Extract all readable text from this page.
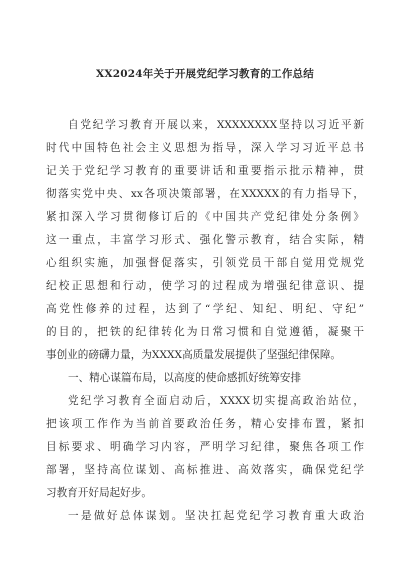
XX2024年关于开展党纪学习教育的工作总结
自党纪学习教育开展以来，XXXXXXXX坚持以习近平新
时代中国特色社会主义思想为指导，深入学习习近平总书
记关于党纪学习教育的重要讲话和重要指示批示精神，贯
彻落实党中央、xx各项决策部署，在XXXXX的有力指导下，
紧扣深入学习贯彻修订后的《中国共产党纪律处分条例》
这一重点，丰富学习形式、强化警示教育，结合实际，精
心组织实施，加强督促落实，引领党员干部自觉用党规党
纪校正思想和行动，使学习的过程成为增强纪律意识、提
高党性修养的过程，达到了“学纪、知纪、明纪、守纪”
的目的，把铁的纪律转化为日常习惯和自觉遵循，凝聚干
事创业的磅礴力量，为XXXX高质量发展提供了坚强纪律保障。
一、精心谋篇布局，以高度的使命感抓好统筹安排
党纪学习教育全面启动后，XXXX切实提高政治站位，
把该项工作作为当前首要政治任务，精心安排布置，紧扣
目标要求、明确学习内容，严明学习纪律，聚焦各项工作
部署，坚持高位谋划、高标推进、高效落实，确保党纪学
习教育开好局起好步。
一是做好总体谋划。坚决扛起党纪学习教育重大政治
